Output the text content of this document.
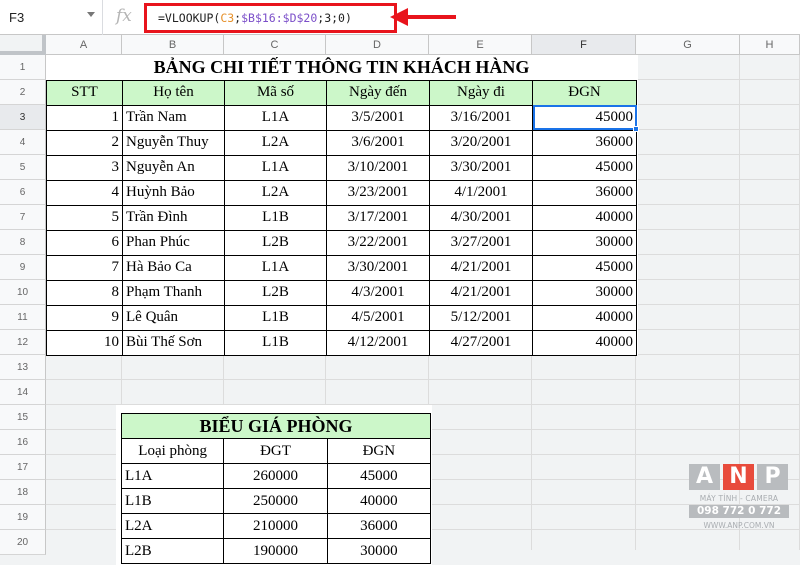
F3	fx =VLOOKUP(C3;$B$16:$D$20;3;0)
A	B	C	D	E	F	G	H
1
2
3
4
5
6
7
8
9
10
11
12
13
14
15
16
17
18
19
20
BẢNG CHI TIẾT THÔNG TIN KHÁCH HÀNG					
STT	Họ tên	Mã số	Ngày đến	Ngày đi	ĐGN
1	Trần Nam	L1A	3/5/2001	3/16/2001	45000
2	Nguyễn Thuy	L2A	3/6/2001	3/20/2001	36000
3	Nguyễn An	L1A	3/10/2001	3/30/2001	45000
4	Huỳnh Bảo	L2A	3/23/2001	4/1/2001	36000
5	Trần Đình	L1B	3/17/2001	4/30/2001	40000
6	Phan Phúc	L2B	3/22/2001	3/27/2001	30000
7	Hà Bảo Ca	L1A	3/30/2001	4/21/2001	45000
8	Phạm Thanh	L2B	4/3/2001	4/21/2001	30000
9	Lê Quân	L1B	4/5/2001	5/12/2001	40000
10	Bùi Thế Sơn	L1B	4/12/2001	4/27/2001	40000
BIỂU GIÁ PHÒNG		
Loại phòng	ĐGT	ĐGN
L1A	260000	45000
L1B	250000	40000
L2A	210000	36000
L2B	190000	30000
A N P
MÁY TÍNH - CAMERA
098 772 0 772
WWW.ANP.COM.VN
